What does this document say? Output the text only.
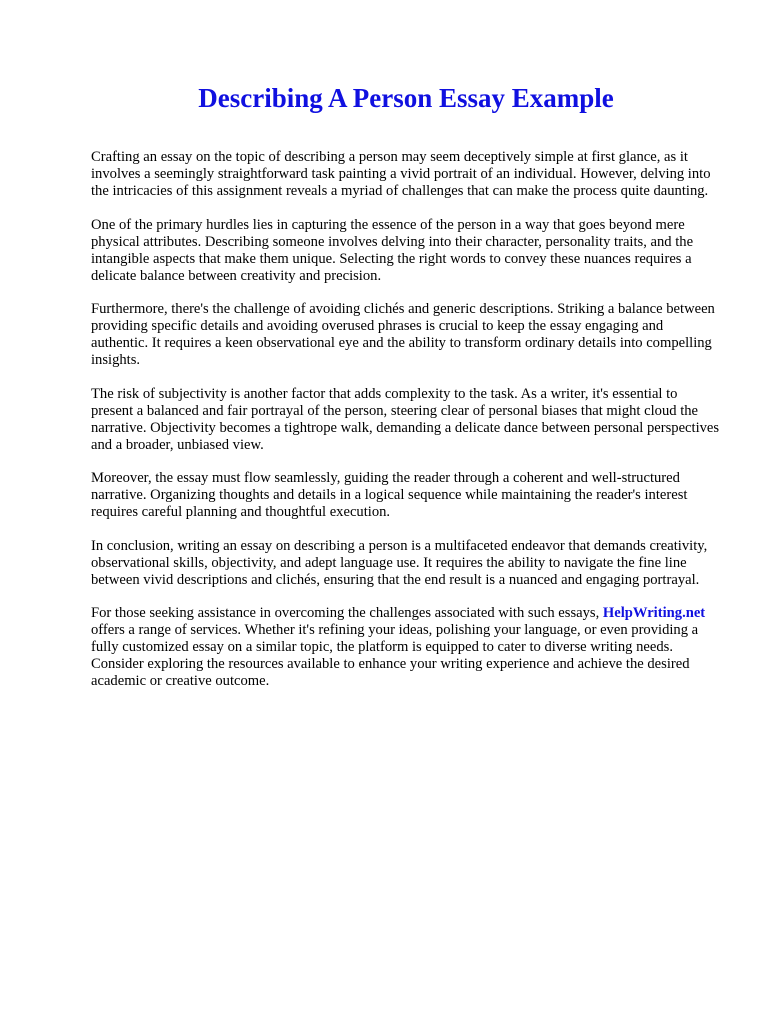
Describing A Person Essay Example

Crafting an essay on the topic of describing a person may seem deceptively simple at first glance, as it involves a seemingly straightforward task painting a vivid portrait of an individual. However, delving into the intricacies of this assignment reveals a myriad of challenges that can make the process quite daunting.

One of the primary hurdles lies in capturing the essence of the person in a way that goes beyond mere physical attributes. Describing someone involves delving into their character, personality traits, and the intangible aspects that make them unique. Selecting the right words to convey these nuances requires a delicate balance between creativity and precision.

Furthermore, there's the challenge of avoiding clichés and generic descriptions. Striking a balance between providing specific details and avoiding overused phrases is crucial to keep the essay engaging and authentic. It requires a keen observational eye and the ability to transform ordinary details into compelling insights.

The risk of subjectivity is another factor that adds complexity to the task. As a writer, it's essential to present a balanced and fair portrayal of the person, steering clear of personal biases that might cloud the narrative. Objectivity becomes a tightrope walk, demanding a delicate dance between personal perspectives and a broader, unbiased view.

Moreover, the essay must flow seamlessly, guiding the reader through a coherent and well-structured narrative. Organizing thoughts and details in a logical sequence while maintaining the reader's interest requires careful planning and thoughtful execution.

In conclusion, writing an essay on describing a person is a multifaceted endeavor that demands creativity, observational skills, objectivity, and adept language use. It requires the ability to navigate the fine line between vivid descriptions and clichés, ensuring that the end result is a nuanced and engaging portrayal.

For those seeking assistance in overcoming the challenges associated with such essays, HelpWriting.net offers a range of services. Whether it's refining your ideas, polishing your language, or even providing a fully customized essay on a similar topic, the platform is equipped to cater to diverse writing needs. Consider exploring the resources available to enhance your writing experience and achieve the desired academic or creative outcome.
